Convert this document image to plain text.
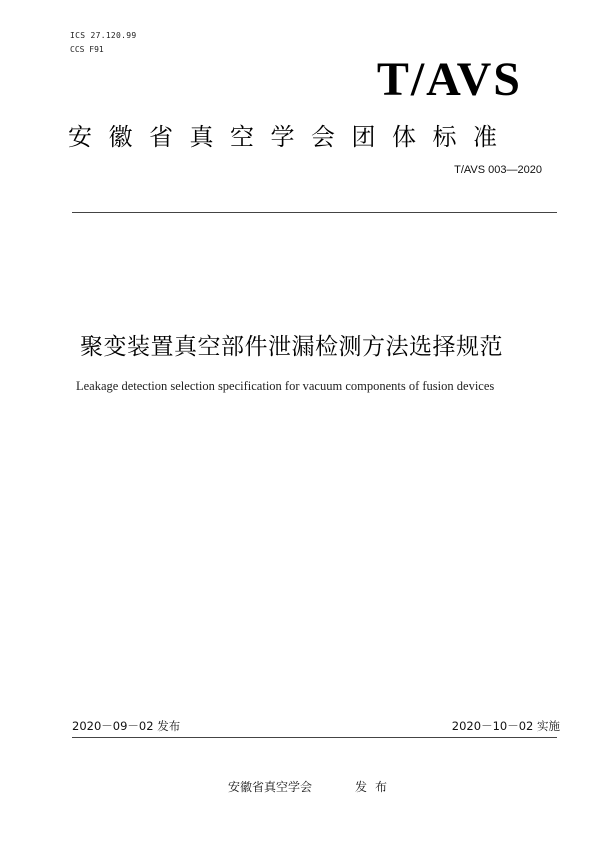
ICS 27.120.99
CCS F91
T/AVS
安徽省真空学会团体标准
T/AVS 003—2020
聚变装置真空部件泄漏检测方法选择规范
Leakage detection selection specification for vacuum components of fusion devices
2020－09－02 发布	2020－10－02 实施
安徽省真空学会	发布
